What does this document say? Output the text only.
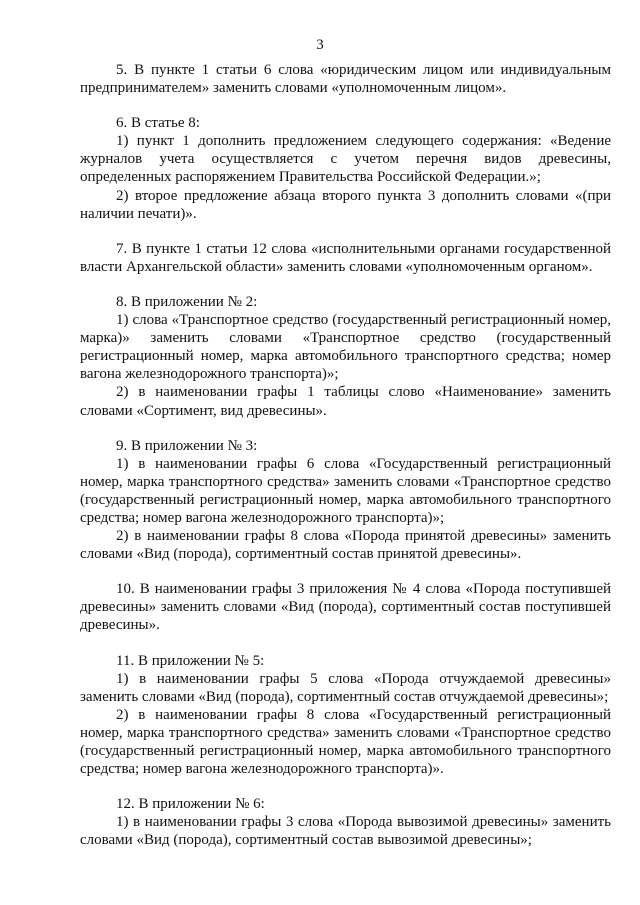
3

5. В пункте 1 статьи 6 слова «юридическим лицом или индивидуальным предпринимателем» заменить словами «уполномоченным лицом».

6. В статье 8:

1) пункт 1 дополнить предложением следующего содержания: «Ведение журналов учета осуществляется с учетом перечня видов древесины, определенных распоряжением Правительства Российской Федерации.»;

2) второе предложение абзаца второго пункта 3 дополнить словами «(при наличии печати)».

7. В пункте 1 статьи 12 слова «исполнительными органами государственной власти Архангельской области» заменить словами «уполномоченным органом».

8. В приложении № 2:

1) слова «Транспортное средство (государственный регистрационный номер, марка)» заменить словами «Транспортное средство (государственный регистрационный номер, марка автомобильного транспортного средства; номер вагона железнодорожного транспорта)»;

2) в наименовании графы 1 таблицы слово «Наименование» заменить словами «Сортимент, вид древесины».

9. В приложении № 3:

1) в наименовании графы 6 слова «Государственный регистрационный номер, марка транспортного средства» заменить словами «Транспортное средство (государственный регистрационный номер, марка автомобильного транспортного средства; номер вагона железнодорожного транспорта)»;

2) в наименовании графы 8 слова «Порода принятой древесины» заменить словами «Вид (порода), сортиментный состав принятой древесины».

10. В наименовании графы 3 приложения № 4 слова «Порода поступившей древесины» заменить словами «Вид (порода), сортиментный состав поступившей древесины».

11. В приложении № 5:

1) в наименовании графы 5 слова «Порода отчуждаемой древесины» заменить словами «Вид (порода), сортиментный состав отчуждаемой древесины»;

2) в наименовании графы 8 слова «Государственный регистрационный номер, марка транспортного средства» заменить словами «Транспортное средство (государственный регистрационный номер, марка автомобильного транспортного средства; номер вагона железнодорожного транспорта)».

12. В приложении № 6:

1) в наименовании графы 3 слова «Порода вывозимой древесины» заменить словами «Вид (порода), сортиментный состав вывозимой древесины»;
